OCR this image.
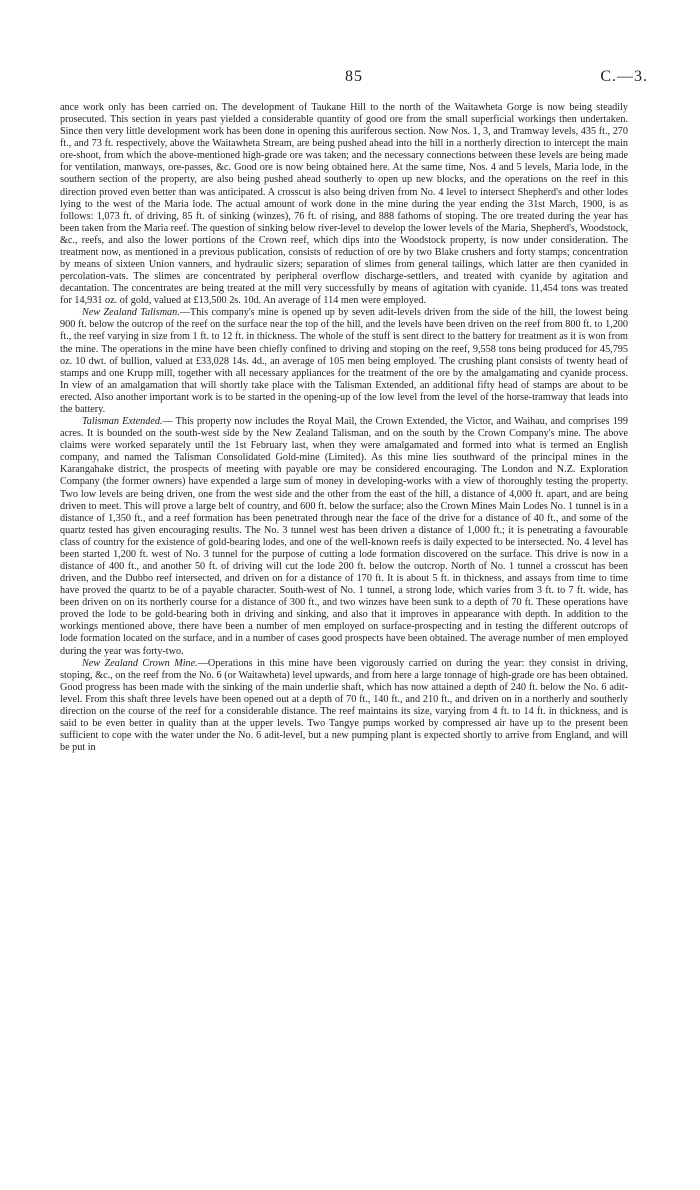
85	C.—3.

ance work only has been carried on. The development of Taukane Hill to the north of the Waitawheta Gorge is now being steadily prosecuted. This section in years past yielded a considerable quantity of good ore from the small superficial workings then undertaken. Since then very little development work has been done in opening this auriferous section. Now Nos. 1, 3, and Tramway levels, 435 ft., 270 ft., and 73 ft. respectively, above the Waitawheta Stream, are being pushed ahead into the hill in a northerly direction to intercept the main ore-shoot, from which the above-mentioned high-grade ore was taken; and the necessary connections between these levels are being made for ventilation, manways, ore-passes, &c. Good ore is now being obtained here. At the same time, Nos. 4 and 5 levels, Maria lode, in the southern section of the property, are also being pushed ahead southerly to open up new blocks, and the operations on the reef in this direction proved even better than was anticipated. A crosscut is also being driven from No. 4 level to intersect Shepherd's and other lodes lying to the west of the Maria lode. The actual amount of work done in the mine during the year ending the 31st March, 1900, is as follows: 1,073 ft. of driving, 85 ft. of sinking (winzes), 76 ft. of rising, and 888 fathoms of stoping. The ore treated during the year has been taken from the Maria reef. The question of sinking below river-level to develop the lower levels of the Maria, Shepherd's, Woodstock, &c., reefs, and also the lower portions of the Crown reef, which dips into the Woodstock property, is now under consideration. The treatment now, as mentioned in a previous publication, consists of reduction of ore by two Blake crushers and forty stamps; concentration by means of sixteen Union vanners, and hydraulic sizers; separation of slimes from general tailings, which latter are then cyanided in percolation-vats. The slimes are concentrated by peripheral overflow discharge-settlers, and treated with cyanide by agitation and decantation. The concentrates are being treated at the mill very successfully by means of agitation with cyanide. 11,454 tons was treated for 14,931 oz. of gold, valued at £13,500 2s. 10d. An average of 114 men were employed.

New Zealand Talisman.—This company's mine is opened up by seven adit-levels driven from the side of the hill, the lowest being 900 ft. below the outcrop of the reef on the surface near the top of the hill, and the levels have been driven on the reef from 800 ft. to 1,200 ft., the reef varying in size from 1 ft. to 12 ft. in thickness. The whole of the stuff is sent direct to the battery for treatment as it is won from the mine. The operations in the mine have been chiefly confined to driving and stoping on the reef, 9,558 tons being produced for 45,795 oz. 10 dwt. of bullion, valued at £33,028 14s. 4d., an average of 105 men being employed. The crushing plant consists of twenty head of stamps and one Krupp mill, together with all necessary appliances for the treatment of the ore by the amalgamating and cyanide process. In view of an amalgamation that will shortly take place with the Talisman Extended, an additional fifty head of stamps are about to be erected. Also another important work is to be started in the opening-up of the low level from the level of the horse-tramway that leads into the battery.

Talisman Extended.— This property now includes the Royal Mail, the Crown Extended, the Victor, and Waihau, and comprises 199 acres. It is bounded on the south-west side by the New Zealand Talisman, and on the south by the Crown Company's mine. The above claims were worked separately until the 1st February last, when they were amalgamated and formed into what is termed an English company, and named the Talisman Consolidated Gold-mine (Limited). As this mine lies southward of the principal mines in the Karangahake district, the prospects of meeting with payable ore may be considered encouraging. The London and N.Z. Exploration Company (the former owners) have expended a large sum of money in developing-works with a view of thoroughly testing the property. Two low levels are being driven, one from the west side and the other from the east of the hill, a distance of 4,000 ft. apart, and are being driven to meet. This will prove a large belt of country, and 600 ft. below the surface; also the Crown Mines Main Lodes No. 1 tunnel is in a distance of 1,350 ft., and a reef formation has been penetrated through near the face of the drive for a distance of 40 ft., and some of the quartz tested has given encouraging results. The No. 3 tunnel west has been driven a distance of 1,000 ft.; it is penetrating a favourable class of country for the existence of gold-bearing lodes, and one of the well-known reefs is daily expected to be intersected. No. 4 level has been started 1,200 ft. west of No. 3 tunnel for the purpose of cutting a lode formation discovered on the surface. This drive is now in a distance of 400 ft., and another 50 ft. of driving will cut the lode 200 ft. below the outcrop. North of No. 1 tunnel a crosscut has been driven, and the Dubbo reef intersected, and driven on for a distance of 170 ft. It is about 5 ft. in thickness, and assays from time to time have proved the quartz to be of a payable character. South-west of No. 1 tunnel, a strong lode, which varies from 3 ft. to 7 ft. wide, has been driven on on its northerly course for a distance of 300 ft., and two winzes have been sunk to a depth of 70 ft. These operations have proved the lode to be gold-bearing both in driving and sinking, and also that it improves in appearance with depth. In addition to the workings mentioned above, there have been a number of men employed on surface-prospecting and in testing the different outcrops of lode formation located on the surface, and in a number of cases good prospects have been obtained. The average number of men employed during the year was forty-two.

New Zealand Crown Mine.—Operations in this mine have been vigorously carried on during the year: they consist in driving, stoping, &c., on the reef from the No. 6 (or Waitawheta) level upwards, and from here a large tonnage of high-grade ore has been obtained. Good progress has been made with the sinking of the main underlie shaft, which has now attained a depth of 240 ft. below the No. 6 adit-level. From this shaft three levels have been opened out at a depth of 70 ft., 140 ft., and 210 ft., and driven on in a northerly and southerly direction on the course of the reef for a considerable distance. The reef maintains its size, varying from 4 ft. to 14 ft. in thickness, and is said to be even better in quality than at the upper levels. Two Tangye pumps worked by compressed air have up to the present been sufficient to cope with the water under the No. 6 adit-level, but a new pumping plant is expected shortly to arrive from England, and will be put in
